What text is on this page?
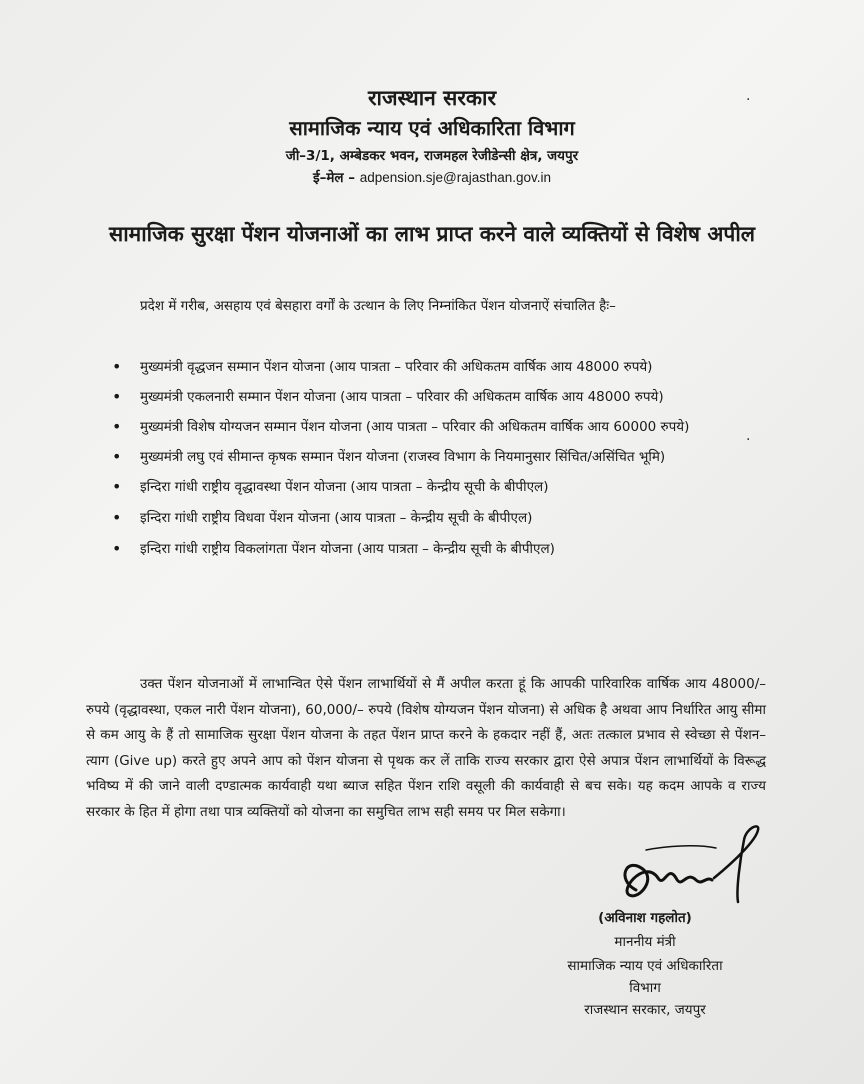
राजस्थान सरकार
सामाजिक न्याय एवं अधिकारिता विभाग
जी–3/1, अम्बेडकर भवन, राजमहल रेजीडेन्सी क्षेत्र, जयपुर
ई–मेल – adpension.sje@rajasthan.gov.in
सामाजिक सुरक्षा पेंशन योजनाओं का लाभ प्राप्त करने वाले व्यक्तियों से विशेष अपील
प्रदेश में गरीब, असहाय एवं बेसहारा वर्गों के उत्थान के लिए निम्नांकित पेंशन योजनाऐं संचालित हैः–
• मुख्यमंत्री वृद्धजन सम्मान पेंशन योजना (आय पात्रता – परिवार की अधिकतम वार्षिक आय 48000 रुपये)
• मुख्यमंत्री एकलनारी सम्मान पेंशन योजना (आय पात्रता – परिवार की अधिकतम वार्षिक आय 48000 रुपये)
• मुख्यमंत्री विशेष योग्यजन सम्मान पेंशन योजना (आय पात्रता – परिवार की अधिकतम वार्षिक आय 60000 रुपये)
• मुख्यमंत्री लघु एवं सीमान्त कृषक सम्मान पेंशन योजना (राजस्व विभाग के नियमानुसार सिंचित/असिंचित भूमि)
• इन्दिरा गांधी राष्ट्रीय वृद्धावस्था पेंशन योजना (आय पात्रता – केन्द्रीय सूची के बीपीएल)
• इन्दिरा गांधी राष्ट्रीय विधवा पेंशन योजना (आय पात्रता – केन्द्रीय सूची के बीपीएल)
• इन्दिरा गांधी राष्ट्रीय विकलांगता पेंशन योजना (आय पात्रता – केन्द्रीय सूची के बीपीएल)
उक्त पेंशन योजनाओं में लाभान्वित ऐसे पेंशन लाभार्थियों से मैं अपील करता हूं कि आपकी पारिवारिक वार्षिक आय 48000/– रुपये (वृद्धावस्था, एकल नारी पेंशन योजना), 60,000/– रुपये (विशेष योग्यजन पेंशन योजना) से अधिक है अथवा आप निर्धारित आयु सीमा से कम आयु के हैं तो सामाजिक सुरक्षा पेंशन योजना के तहत पेंशन प्राप्त करने के हकदार नहीं हैं, अतः तत्काल प्रभाव से स्वेच्छा से पेंशन–त्याग (Give up) करते हुए अपने आप को पेंशन योजना से पृथक कर लें ताकि राज्य सरकार द्वारा ऐसे अपात्र पेंशन लाभार्थियों के विरूद्ध भविष्य में की जाने वाली दण्डात्मक कार्यवाही यथा ब्याज सहित पेंशन राशि वसूली की कार्यवाही से बच सके। यह कदम आपके व राज्य सरकार के हित में होगा तथा पात्र व्यक्तियों को योजना का समुचित लाभ सही समय पर मिल सकेगा।
(अविनाश गहलोत)
माननीय मंत्री
सामाजिक न्याय एवं अधिकारिता
विभाग
राजस्थान सरकार, जयपुर
·
·
